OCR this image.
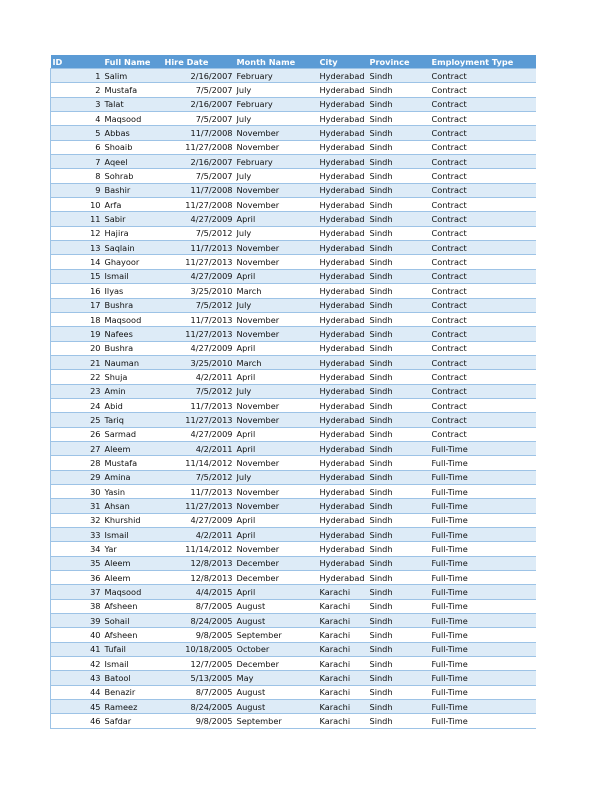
ID	Full Name	Hire Date	Month Name	City	Province	Employment Type
1	Salim	2/16/2007	February	Hyderabad	Sindh	Contract
2	Mustafa	7/5/2007	July	Hyderabad	Sindh	Contract
3	Talat	2/16/2007	February	Hyderabad	Sindh	Contract
4	Maqsood	7/5/2007	July	Hyderabad	Sindh	Contract
5	Abbas	11/7/2008	November	Hyderabad	Sindh	Contract
6	Shoaib	11/27/2008	November	Hyderabad	Sindh	Contract
7	Aqeel	2/16/2007	February	Hyderabad	Sindh	Contract
8	Sohrab	7/5/2007	July	Hyderabad	Sindh	Contract
9	Bashir	11/7/2008	November	Hyderabad	Sindh	Contract
10	Arfa	11/27/2008	November	Hyderabad	Sindh	Contract
11	Sabir	4/27/2009	April	Hyderabad	Sindh	Contract
12	Hajira	7/5/2012	July	Hyderabad	Sindh	Contract
13	Saqlain	11/7/2013	November	Hyderabad	Sindh	Contract
14	Ghayoor	11/27/2013	November	Hyderabad	Sindh	Contract
15	Ismail	4/27/2009	April	Hyderabad	Sindh	Contract
16	Ilyas	3/25/2010	March	Hyderabad	Sindh	Contract
17	Bushra	7/5/2012	July	Hyderabad	Sindh	Contract
18	Maqsood	11/7/2013	November	Hyderabad	Sindh	Contract
19	Nafees	11/27/2013	November	Hyderabad	Sindh	Contract
20	Bushra	4/27/2009	April	Hyderabad	Sindh	Contract
21	Nauman	3/25/2010	March	Hyderabad	Sindh	Contract
22	Shuja	4/2/2011	April	Hyderabad	Sindh	Contract
23	Amin	7/5/2012	July	Hyderabad	Sindh	Contract
24	Abid	11/7/2013	November	Hyderabad	Sindh	Contract
25	Tariq	11/27/2013	November	Hyderabad	Sindh	Contract
26	Sarmad	4/27/2009	April	Hyderabad	Sindh	Contract
27	Aleem	4/2/2011	April	Hyderabad	Sindh	Full-Time
28	Mustafa	11/14/2012	November	Hyderabad	Sindh	Full-Time
29	Amina	7/5/2012	July	Hyderabad	Sindh	Full-Time
30	Yasin	11/7/2013	November	Hyderabad	Sindh	Full-Time
31	Ahsan	11/27/2013	November	Hyderabad	Sindh	Full-Time
32	Khurshid	4/27/2009	April	Hyderabad	Sindh	Full-Time
33	Ismail	4/2/2011	April	Hyderabad	Sindh	Full-Time
34	Yar	11/14/2012	November	Hyderabad	Sindh	Full-Time
35	Aleem	12/8/2013	December	Hyderabad	Sindh	Full-Time
36	Aleem	12/8/2013	December	Hyderabad	Sindh	Full-Time
37	Maqsood	4/4/2015	April	Karachi	Sindh	Full-Time
38	Afsheen	8/7/2005	August	Karachi	Sindh	Full-Time
39	Sohail	8/24/2005	August	Karachi	Sindh	Full-Time
40	Afsheen	9/8/2005	September	Karachi	Sindh	Full-Time
41	Tufail	10/18/2005	October	Karachi	Sindh	Full-Time
42	Ismail	12/7/2005	December	Karachi	Sindh	Full-Time
43	Batool	5/13/2005	May	Karachi	Sindh	Full-Time
44	Benazir	8/7/2005	August	Karachi	Sindh	Full-Time
45	Rameez	8/24/2005	August	Karachi	Sindh	Full-Time
46	Safdar	9/8/2005	September	Karachi	Sindh	Full-Time
